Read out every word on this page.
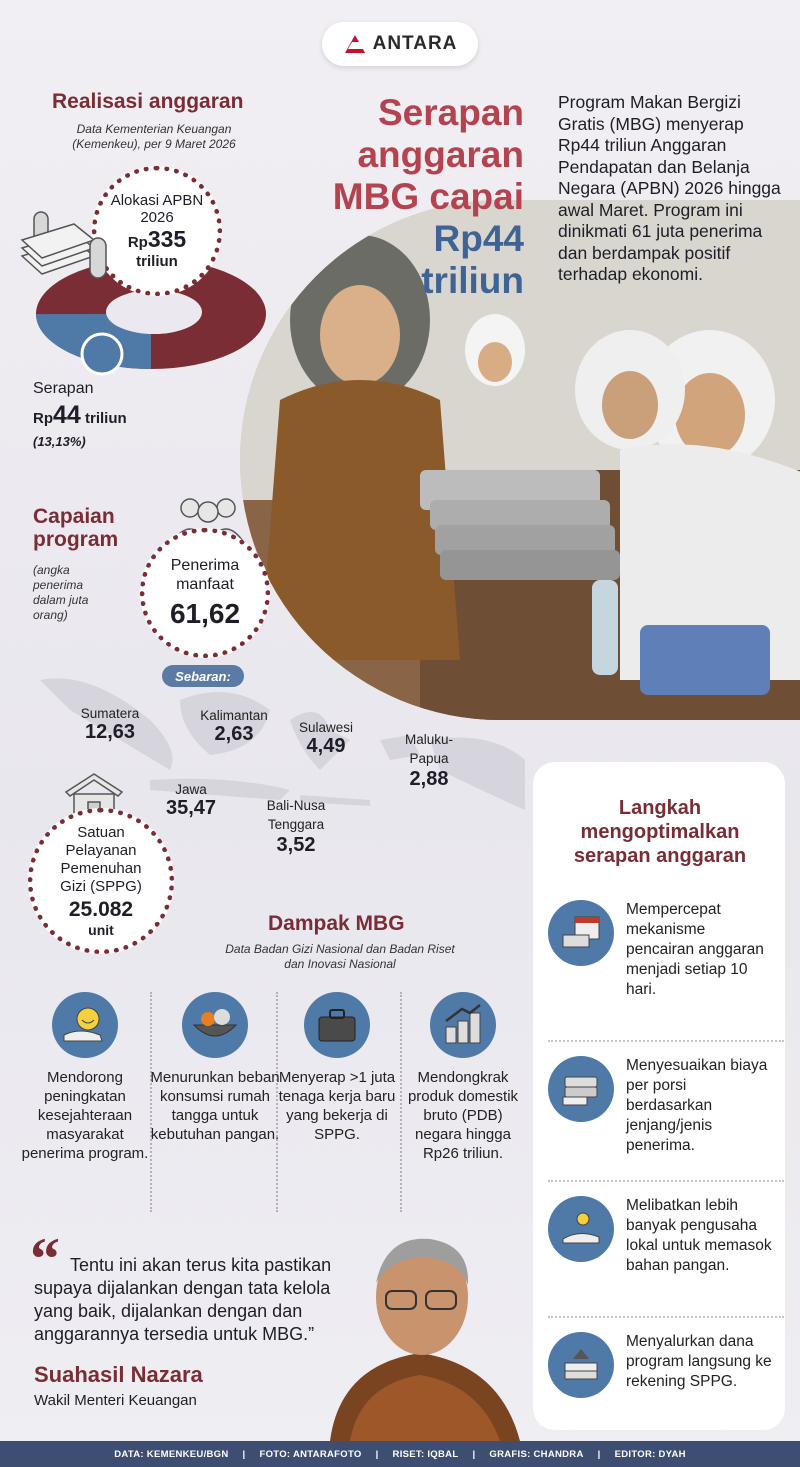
ANTARA
Serapan
anggaran
MBG capai
Rp44
triliun
Program Makan Bergizi Gratis (MBG) menyerap Rp44 triliun Anggaran Pendapatan dan Belanja Negara (APBN) 2026 hingga awal Maret. Program ini dinikmati 61 juta penerima dan berdampak positif terhadap ekonomi.
Realisasi anggaran
Data Kementerian Keuangan (Kemenkeu), per 9 Maret 2026
Alokasi APBN 2026
Rp335
triliun
Serapan
Rp44 triliun
(13,13%)
Capaian program
(angka penerima dalam juta orang)
Penerima manfaat
61,62
Sebaran:
Sumatera
12,63
Kalimantan
2,63	Sulawesi
4,49	Maluku-Papua
2,88
Jawa
35,47	Bali-Nusa Tenggara
3,52
Satuan Pelayanan Pemenuhan Gizi (SPPG)
25.082
unit	Dampak MBG
Data Badan Gizi Nasional dan Badan Riset dan Inovasi Nasional
Mendorong peningkatan kesejahteraan masyarakat penerima program.
Menurunkan beban konsumsi rumah tangga untuk kebutuhan pangan.
Menyerap >1 juta tenaga kerja baru yang bekerja di SPPG.
Mendongkrak produk domestik bruto (PDB) negara hingga Rp26 triliun.
Langkah mengoptimalkan serapan anggaran
Mempercepat mekanisme pencairan anggaran menjadi setiap 10 hari.
Menyesuaikan biaya per porsi berdasarkan jenjang/jenis penerima.
Melibatkan lebih banyak pengusaha lokal untuk memasok bahan pangan.
Menyalurkan dana program langsung ke rekening SPPG.
“ Tentu ini akan terus kita pastikan supaya dijalankan dengan tata kelola yang baik, dijalankan dengan dan anggarannya tersedia untuk MBG.”
Suahasil Nazara
Wakil Menteri Keuangan
DATA: KEMENKEU/BGN | FOTO: ANTARAFOTO | RISET: IQBAL | GRAFIS: CHANDRA | EDITOR: DYAH
